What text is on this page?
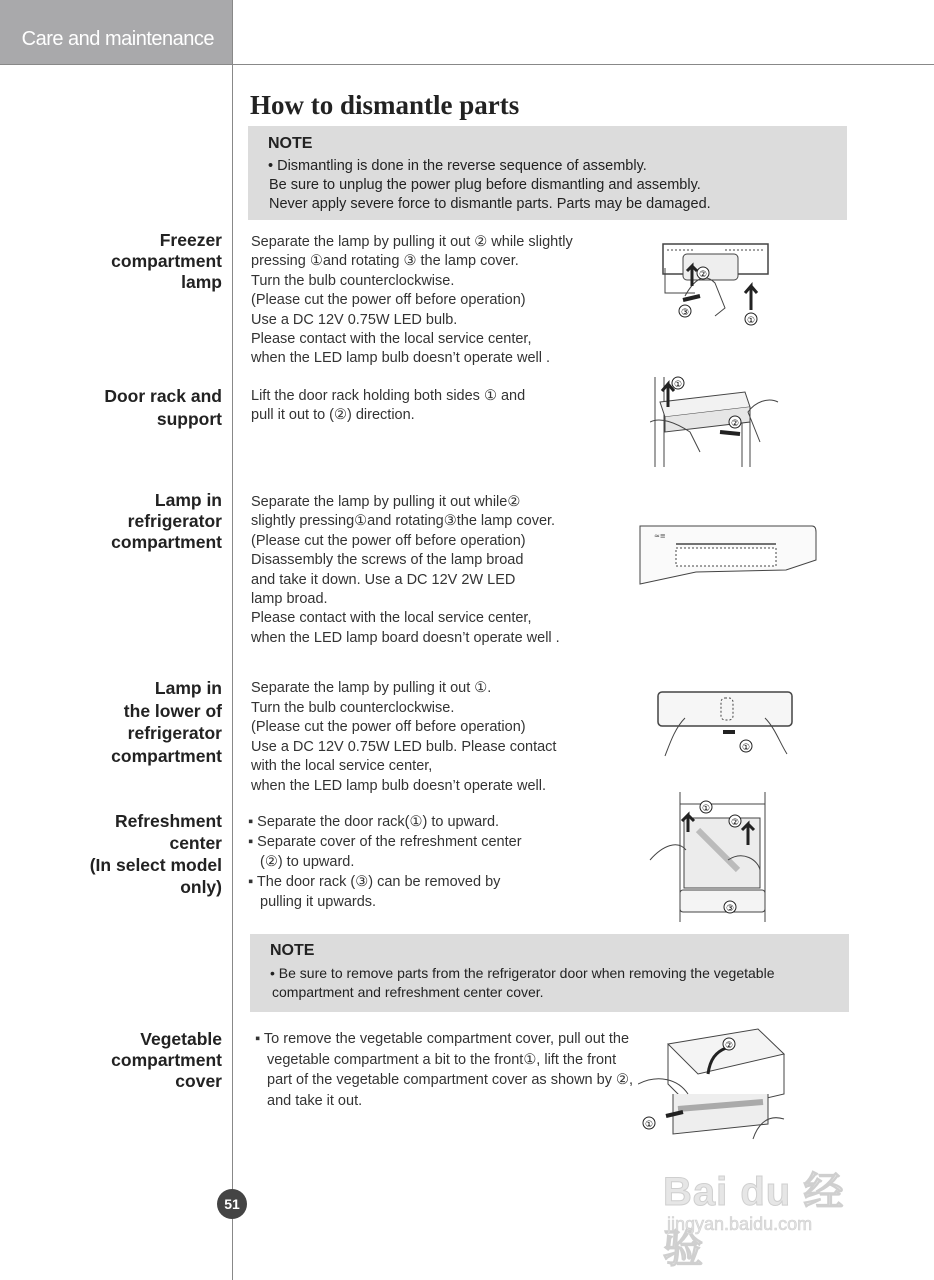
Care and maintenance
How to dismantle parts
NOTE
• Dismantling is done in the reverse sequence of assembly.
Be sure to unplug the power plug before dismantling and assembly.
Never apply severe force to dismantle parts. Parts may be damaged.
Freezer
compartment
lamp
Separate the lamp by pulling it out ② while slightly
pressing ①and rotating ③ the lamp cover.
Turn the bulb counterclockwise.
(Please cut the power off before operation)
Use a DC 12V 0.75W LED bulb.
Please contact with the local service center,
when the LED lamp bulb doesn’t operate well .
②
③
①
Door rack and
support
Lift the door rack holding both sides ① and
pull it out to (②) direction.
①
②
Lamp in
refrigerator
compartment
Separate the lamp by pulling it out while②
slightly pressing①and rotating③the lamp cover.
(Please cut the power off before operation)
Disassembly the screws of the lamp broad
and take it down. Use a DC 12V 2W LED
lamp broad.
Please contact with the local service center,
when the LED lamp board doesn’t operate well .
≈≡
Lamp in
the lower of
refrigerator
compartment
Separate the lamp by pulling it out ①.
Turn the bulb counterclockwise.
(Please cut the power off before operation)
Use a DC 12V 0.75W LED bulb. Please contact
with the local service center,
when the LED lamp bulb doesn’t operate well.
①
Refreshment
center
(In select model
only)
▪ Separate the door rack(①) to upward.
▪ Separate cover of the refreshment center (②) to upward.
▪ The door rack (③) can be removed by pulling it upwards.
①
②
③
NOTE
• Be sure to remove parts from the refrigerator door when removing the vegetable
compartment and refreshment center cover.
Vegetable
compartment
cover
▪ To remove the vegetable compartment cover, pull out the vegetable compartment a bit to the front①, lift the front part of the vegetable compartment cover as shown by ②, and take it out.
②
①
51	Bai du 经验
jingyan.baidu.com
